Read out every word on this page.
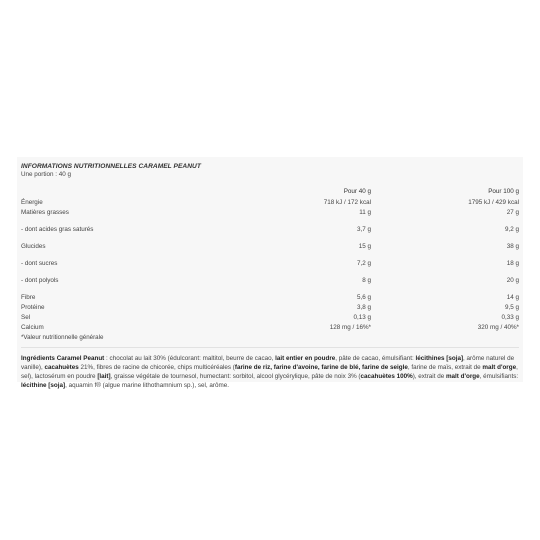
INFORMATIONS NUTRITIONNELLES CARAMEL PEANUT
Une portion : 40 g
	Pour 40 g	Pour 100 g
Énergie	718 kJ / 172 kcal	1795 kJ / 429 kcal
Matières grasses	11 g	27 g
- dont acides gras saturés	3,7 g	9,2 g
Glucides	15 g	38 g
- dont sucres	7,2 g	18 g
- dont polyols	8 g	20 g
Fibre	5,6 g	14 g
Protéine	3,8 g	9,5 g
Sel	0,13 g	0,33 g
Calcium	128 mg / 16%*	320 mg / 40%*
*Valeur nutritionnelle générale
Ingrédients Caramel Peanut : chocolat au lait 30% (édulcorant: maltitol, beurre de cacao, lait entier en poudre, pâte de cacao, émulsifiant: lécithines [soja], arôme naturel de vanille), cacahuètes 21%, fibres de racine de chicorée, chips multicéréales (farine de riz, farine d'avoine, farine de blé, farine de seigle, farine de maïs, extrait de malt d'orge, sel), lactosérum en poudre [lait], graisse végétale de tournesol, humectant: sorbitol, alcool glycérylique, pâte de noix 3% (cacahuètes 100%), extrait de malt d'orge, émulsifiants: lécithine [soja], aquamin f® (algue marine lithothamnium sp.), sel, arôme.
